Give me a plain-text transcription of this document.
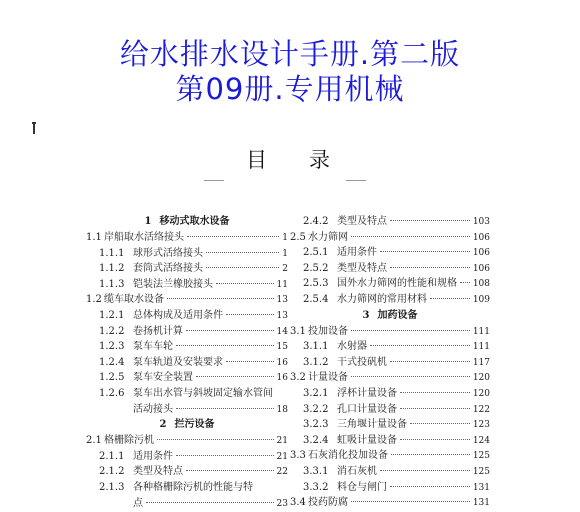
给水排水设计手册.第二版
第09册.专用机械
目录
1 移动式取水设备
1.1 岸船取水活络接头	1
1.1.1 球形式活络接头	1
1.1.2 套筒式活络接头	2
1.1.3 铠装法兰橡胶接头	11
1.2 缆车取水设备	13
1.2.1 总体构成及适用条件	13
1.2.2 卷扬机计算	14
1.2.3 泵车车轮	15
1.2.4 泵车轨道及安装要求	16
1.2.5 泵车安全装置	16
1.2.6 泵车出水管与斜坡固定输水管间
活动接头	18
2 拦污设备
2.1 格栅除污机	21
2.1.1 适用条件	21
2.1.2 类型及特点	22
2.1.3 各种格栅除污机的性能与特
点	23
2.4.2 类型及特点	103
2.5 水力筛网	106
2.5.1 适用条件	106
2.5.2 类型及特点	106
2.5.3 国外水力筛网的性能和规格 108
2.5.4 水力筛网的常用材料	109
3 加药设备
3.1 投加设备	111
3.1.1 水射器	111
3.1.2 干式投矾机	117
3.2 计量设备	120
3.2.1 浮杯计量设备	120
3.2.2 孔口计量设备	122
3.2.3 三角堰计量设备	123
3.2.4 虹吸计量设备	124
3.3 石灰消化投加设备	125
3.3.1 消石灰机	125
3.3.2 料仓与闸门	131
3.4 投药防腐	131
